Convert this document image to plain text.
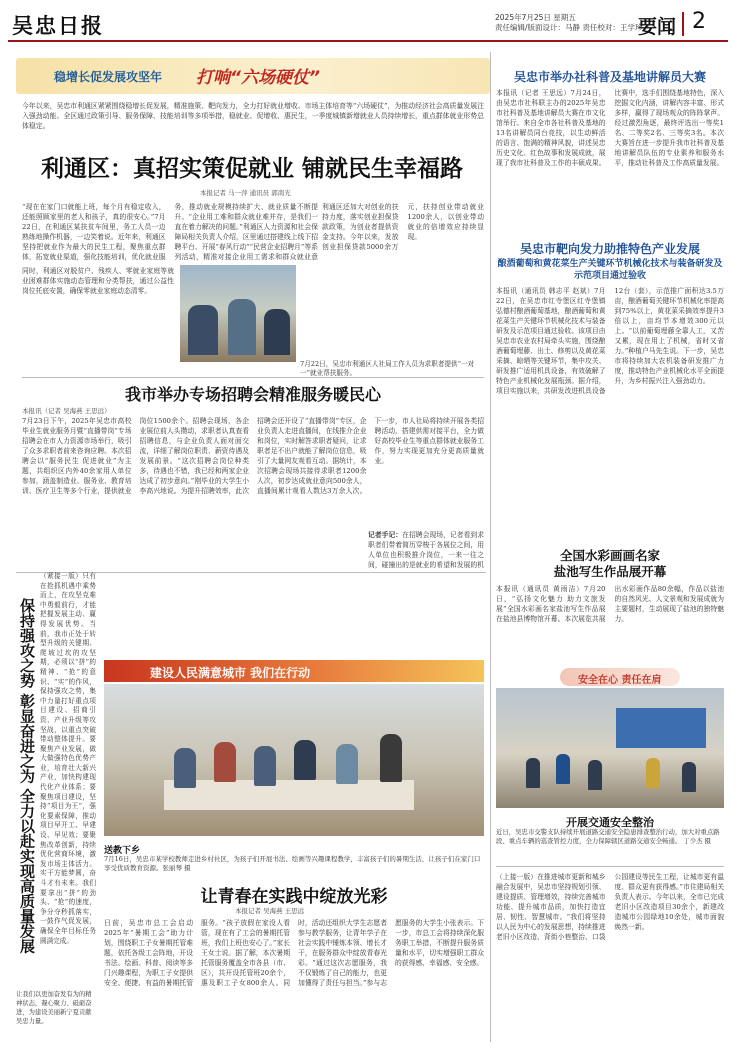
吴忠日报	2025年7月25日 星期五
责任编辑/版面设计：马静 责任校对：王学珍
要闻 2
稳增长促发展攻坚年 打响“六场硬仗”
今年以来，吴忠市利通区紧紧围绕稳增长促发展，精准施策、靶向发力，全力打好就业增收、市场主体培育等“六场硬仗”，为推动经济社会高质量发展注入强劲动能。全区通过政策引导、服务保障、技能培训等多项举措，稳就业、促增收、惠民生，一季度城镇新增就业人员持续增长，重点群体就业形势总体稳定。
利通区：真招实策促就业 铺就民生幸福路
本报记者 马一萍 通讯员 郭南光
“现在在家门口就能上班，每个月有稳定收入，还能照顾家里的老人和孩子，真的很安心。”7月22日，在利通区某扶贫车间里，务工人员一边熟练地操作机器，一边笑着说。近年来，利通区坚持把就业作为最大的民生工程，聚焦重点群体，拓宽就业渠道，强化技能培训，优化就业服务，推动就业规模持续扩大、就业质量不断提升。“企业用工难和群众就业难并存，是我们一直在着力解决的问题。”利通区人力资源和社会保障局相关负责人介绍，区里通过搭建线上线下招聘平台、开展“春风行动”“民营企业招聘月”等系列活动，精准对接企业用工需求和群众就业意
同时，利通区对脱贫户、残疾人、零就业家庭等就业困难群体实施动态管理和分类帮扶，通过公益性岗位托底安置，确保零就业家庭动态清零。
利通区还加大对创业的扶持力度，落实创业担保贷款政策，为创业者提供资金支持。今年以来，发放创业担保贷款5000余万元，扶持创业带动就业1200余人，以创业带动就业的倍增效应持续显现。
7月22日，吴忠市利通区人社局工作人员为求职者提供“一对一”就业帮扶服务。
我市举办专场招聘会精准服务暖民心
本报讯（记者 吴海燕 王思远）
7月23日下午，2025年吴忠市高校毕业生就业服务月暨“直播带岗”专场招聘会在市人力资源市场举行，吸引了众多求职者前来咨询应聘。本次招聘会以“服务民生 促进就业”为主题，共组织区内外40余家用人单位参加，涵盖制造业、服务业、教育培训、医疗卫生等多个行业，提供就业岗位1500余个。招聘会现场，各企业展位前人头攒动，求职者认真查看招聘信息，与企业负责人面对面交流，详细了解岗位职责、薪资待遇及发展前景。“这次招聘会岗位种类多，待遇也不错，我已经和两家企业达成了初步意向。”刚毕业的大学生小李高兴地说。为提升招聘效率，此次招聘会还开设了“直播带岗”专区，企业负责人走进直播间，在线推介企业和岗位，实时解答求职者疑问，让求职者足不出户就能了解岗位信息，吸引了大量网友观看互动。据统计，本次招聘会现场共接待求职者1200余人次，初步达成就业意向500余人，直播间累计观看人数达3万余人次。下一步，市人社局将持续开展各类招聘活动，搭建供需对接平台，全力做好高校毕业生等重点群体就业服务工作，努力实现更加充分更高质量就业。
记者手记：在招聘会现场，记者看到求职者们带着简历穿梭于各展位之间，用人单位也积极推介岗位，一来一往之间，碰撞出的是就业的希望和发展的机
保持强攻之势 彰显奋进之为 全力以赴实现高质量发展
（紧接一版）只有在抢抓机遇中乘势而上，在攻坚克难中勇毅前行，才能把握发展主动、赢得发展优势。当前，我市正处于转型升级的关键期、爬坡过坎的攻坚期，必须以“拼”的精神、“抢”的意识、“实”的作风，保持强攻之势，集中力量打好重点项目建设、招商引资、产业升级等攻坚战，以重点突破带动整体提升。要聚焦产业发展，做大做强特色优势产业，培育壮大新兴产业，加快构建现代化产业体系；要聚焦项目建设，坚持“项目为王”，强化要素保障，推动项目早开工、早建设、早见效；要聚焦改革创新，持续优化营商环境，激发市场主体活力。实干方能梦圆，奋斗才有未来。我们要拿出“拼”的劲头、“抢”的速度，争分夺秒抓落实，一鼓作气促发展，确保全年目标任务圆满完成。
让我们以更加奋发有为的精神状态，凝心聚力、砥砺奋进，为建设美丽新宁夏贡献吴忠力量。
建设人民满意城市 我们在行动
送教下乡
7月16日，吴忠市某学校教师走进乡村社区，为孩子们开展书法、绘画等兴趣课程教学，丰富孩子们的暑期生活，让孩子们在家门口享受优质教育资源。张丽琴 摄
让青春在实践中绽放光彩
本报记者 吴海燕 王思远
日前，吴忠市总工会启动2025年“暑期工会”助力计划，围绕职工子女暑期托管难题，依托各级工会阵地，开设书法、绘画、科普、阅读等多门兴趣课程，为职工子女提供安全、便捷、有益的暑期托管服务。“孩子放假在家没人看管，现在有了工会的暑期托管班，我们上班也安心了。”家长王女士说。据了解，本次暑期托管服务覆盖全市各县（市、区），共开设托管班20余个，惠及职工子女800余人。同时，活动还组织大学生志愿者参与教学服务，让青年学子在社会实践中锤炼本领、增长才干，在服务群众中绽放青春光彩。“通过这次志愿服务，我不仅锻炼了自己的能力，也更加懂得了责任与担当。”参与志愿服务的大学生小张表示。下一步，市总工会将持续深化服务职工举措，不断提升服务质量和水平，切实增强职工群众的获得感、幸福感、安全感。
吴忠市举办社科普及基地讲解员大赛
本报讯（记者 王思远）7月24日，由吴忠市社科联主办的2025年吴忠市社科普及基地讲解员大赛在市文化馆举行。来自全市各社科普及基地的13名讲解员同台竞技，以生动鲜活的语言、饱满的精神风貌，讲述吴忠历史文化、红色故事和发展成就，展现了我市社科普及工作的丰硕成果。比赛中，选手们围绕基地特色，深入挖掘文化内涵，讲解内容丰富、形式多样，赢得了现场观众的阵阵掌声。经过激烈角逐，最终评选出一等奖1名、二等奖2名、三等奖3名。本次大赛旨在进一步提升我市社科普及基地讲解员队伍的专业素养和服务水平，推动社科普及工作高质量发展。
吴忠市靶向发力助推特色产业发展
酿酒葡萄和黄花菜生产关键环节机械化技术与装备研发及示范项目通过验收
本报讯（通讯员 韩志平 赵斌）7月22日，在吴忠市红寺堡区红寺堡镇弘德村酿酒葡萄基地，酿酒葡萄和黄花菜生产关键环节机械化技术与装备研发及示范项目通过验收。该项目由吴忠市农业农村局牵头实施，围绕酿酒葡萄埋藤、出土、修剪以及黄花菜采摘、晾晒等关键环节，集中攻关、研发推广适用机具设备，有效破解了特色产业机械化发展瓶颈。据介绍，项目实施以来，共研发改进机具设备12台（套），示范推广面积达3.5万亩，酿酒葡萄关键环节机械化率提高到75%以上，黄花菜采摘效率提升3倍以上，亩均节本增效300元以上。“以前葡萄埋藤全靠人工，又苦又累，现在用上了机械，省时又省力。”种植户马先生说。下一步，吴忠市将持续加大农机装备研发推广力度，推动特色产业机械化水平全面提升，为乡村振兴注入强劲动力。
全国水彩画画名家
盐池写生作品展开幕
本报讯（通讯员 黄雨洁）7月20日，“弘扬文化魅力 助力文旅发展”全国水彩画名家盐池写生作品展在盐池县博物馆开幕。本次展览共展出水彩画作品80余幅，作品以盐池的自然风光、人文景观和发展成就为主要题材，生动展现了盐池的独特魅力。
安全在心 责任在肩
开展交通安全整治
近日，吴忠市交警支队持续开展道路交通安全隐患排查整治行动，加大对重点路段、重点车辆的巡查管控力度，全力保障辖区道路交通安全畅通。 丁少杰 摄
（上接一版）在推进城市更新和城乡融合发展中，吴忠市坚持规划引领、建设提质、管理增效，持续完善城市功能、提升城市品质，加快打造宜居、韧性、智慧城市。“我们将坚持以人民为中心的发展思想，持续推进老旧小区改造、背街小巷整治、口袋公园建设等民生工程，让城市更有温度、群众更有获得感。”市住建局相关负责人表示。今年以来，全市已完成老旧小区改造项目30余个，新建改造城市公园绿地10余处，城市面貌焕然一新。
